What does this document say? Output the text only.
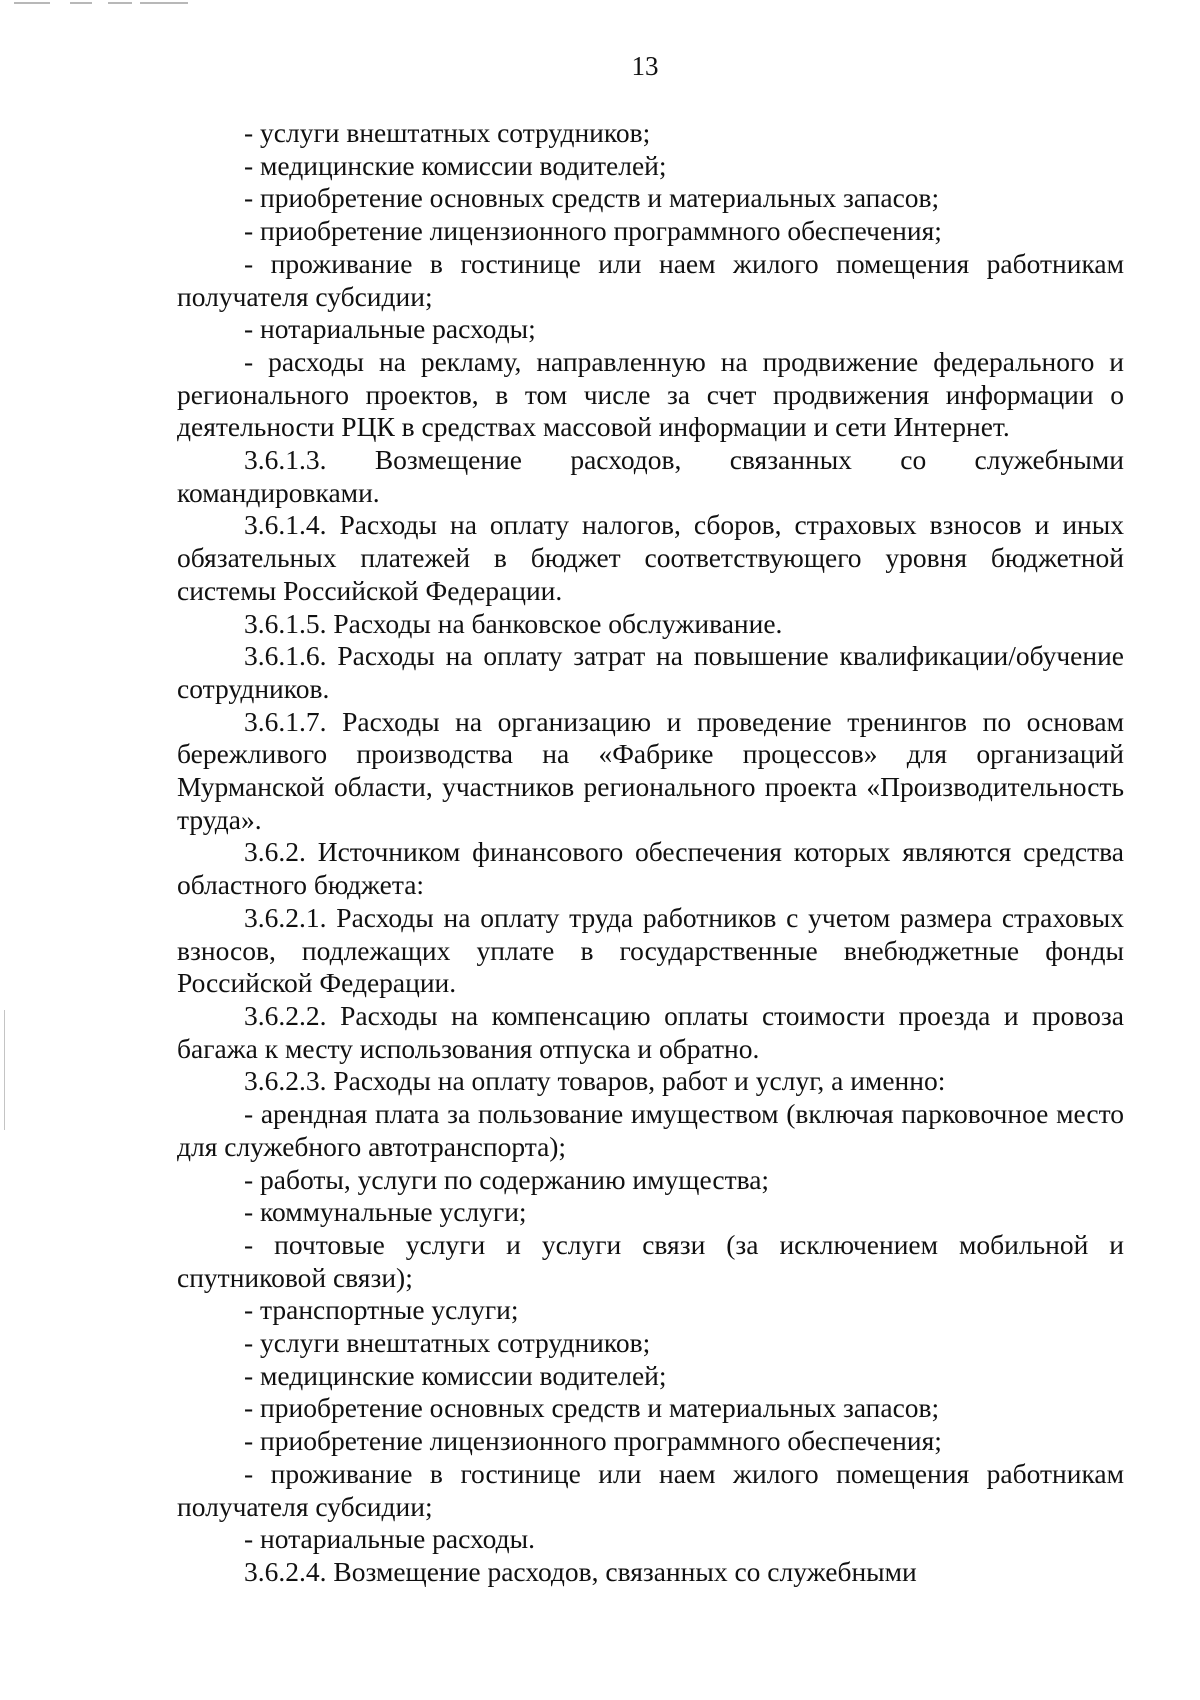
13

- услуги внештатных сотрудников;

- медицинские комиссии водителей;

- приобретение основных средств и материальных запасов;

- приобретение лицензионного программного обеспечения;

- проживание в гостинице или наем жилого помещения работникам получателя субсидии;

- нотариальные расходы;

- расходы на рекламу, направленную на продвижение федерального и регионального проектов, в том числе за счет продвижения информации о деятельности РЦК в средствах массовой информации и сети Интернет.

3.6.1.3. Возмещение расходов, связанных со служебными командировками.

3.6.1.4. Расходы на оплату налогов, сборов, страховых взносов и иных обязательных платежей в бюджет соответствующего уровня бюджетной системы Российской Федерации.

3.6.1.5. Расходы на банковское обслуживание.

3.6.1.6. Расходы на оплату затрат на повышение квалификации/обучение сотрудников.

3.6.1.7. Расходы на организацию и проведение тренингов по основам бережливого производства на «Фабрике процессов» для организаций Мурманской области, участников регионального проекта «Производительность труда».

3.6.2. Источником финансового обеспечения которых являются средства областного бюджета:

3.6.2.1. Расходы на оплату труда работников с учетом размера страховых взносов, подлежащих уплате в государственные внебюджетные фонды Российской Федерации.

3.6.2.2. Расходы на компенсацию оплаты стоимости проезда и провоза багажа к месту использования отпуска и обратно.

3.6.2.3. Расходы на оплату товаров, работ и услуг, а именно:

- арендная плата за пользование имуществом (включая парковочное место для служебного автотранспорта);

- работы, услуги по содержанию имущества;

- коммунальные услуги;

- почтовые услуги и услуги связи (за исключением мобильной и спутниковой связи);

- транспортные услуги;

- услуги внештатных сотрудников;

- медицинские комиссии водителей;

- приобретение основных средств и материальных запасов;

- приобретение лицензионного программного обеспечения;

- проживание в гостинице или наем жилого помещения работникам получателя субсидии;

- нотариальные расходы.

3.6.2.4. Возмещение расходов, связанных со служебными
